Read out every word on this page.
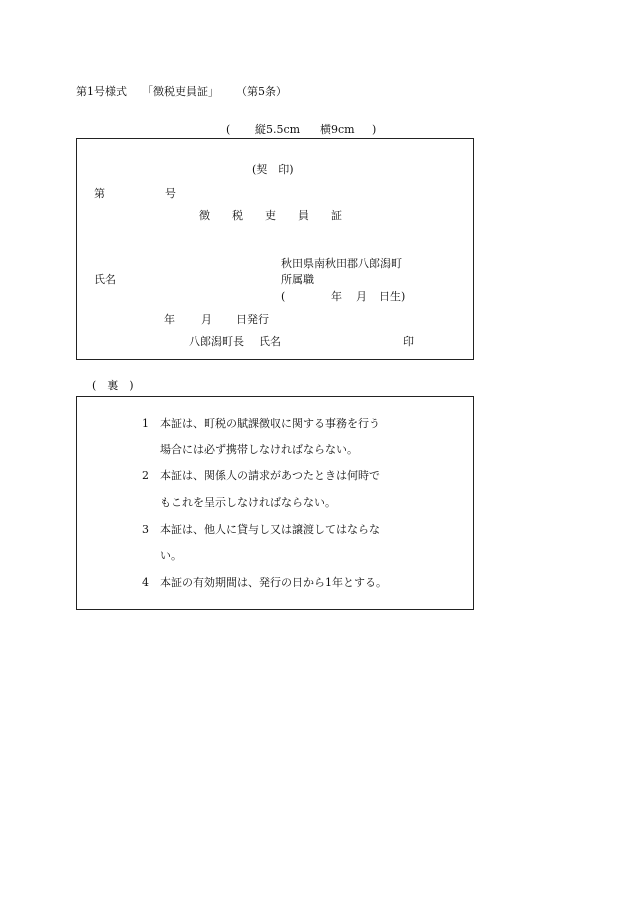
第1号様式 「徴税吏員証」 （第5条）
( 縦5.5cm 横9cm )
(契　印)
第	号
徴　　税　　吏　　員　　証
秋田県南秋田郡八郎潟町
氏名	所属職
(	年 月 日生)
年 月 日発行
八郎潟町長 氏名	印
(　裏　)
1 本証は、町税の賦課徴収に関する事務を行う
場合には必ず携帯しなければならない。
2 本証は、関係人の請求があつたときは何時で
もこれを呈示しなければならない。
3 本証は、他人に貸与し又は譲渡してはならな
い。
4 本証の有効期間は、発行の日から1年とする。
